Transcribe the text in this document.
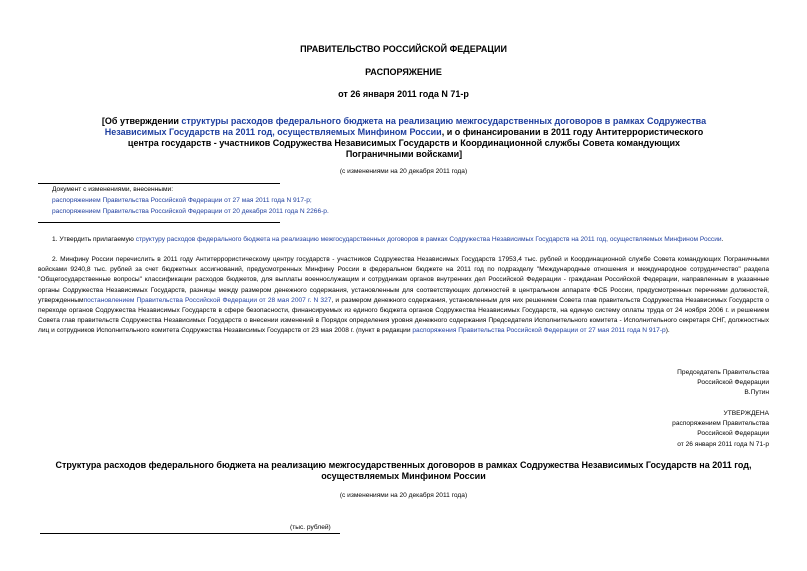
ПРАВИТЕЛЬСТВО РОССИЙСКОЙ ФЕДЕРАЦИИ
РАСПОРЯЖЕНИЕ
от 26 января 2011 года N 71-р
[Об утверждении структуры расходов федерального бюджета на реализацию межгосударственных договоров в рамках Содружества Независимых Государств на 2011 год, осуществляемых Минфином России, и о финансировании в 2011 году Антитеррористического центра государств - участников Содружества Независимых Государств и Координационной службы Совета командующих Пограничными войсками]
(с изменениями на 20 декабря 2011 года)
Документ с изменениями, внесенными:
распоряжением Правительства Российской Федерации от 27 мая 2011 года N 917-р;
распоряжением Правительства Российской Федерации от 20 декабря 2011 года N 2266-р.
1. Утвердить прилагаемую структуру расходов федерального бюджета на реализацию межгосударственных договоров в рамках Содружества Независимых Государств на 2011 год, осуществляемых Минфином России.
2. Минфину России перечислить в 2011 году Антитеррористическому центру государств - участников Содружества Независимых Государств 17953,4 тыс. рублей и Координационной службе Совета командующих Пограничными войсками 9240,8 тыс. рублей за счет бюджетных ассигнований, предусмотренных Минфину России в федеральном бюджете на 2011 год по подразделу "Международные отношения и международное сотрудничество" раздела "Общегосударственные вопросы" классификации расходов бюджетов, для выплаты военнослужащим и сотрудникам органов внутренних дел Российской Федерации - гражданам Российской Федерации, направленным в указанные органы Содружества Независимых Государств, разницы между размером денежного содержания, установленным для соответствующих должностей в центральном аппарате ФСБ России, предусмотренных перечнями должностей, утвержденнымпостановлением Правительства Российской Федерации от 28 мая 2007 г. N 327, и размером денежного содержания, установленным для них решением Совета глав правительств Содружества Независимых Государств о переходе органов Содружества Независимых Государств в сфере безопасности, финансируемых из единого бюджета органов Содружества Независимых Государств, на единую систему оплаты труда от 24 ноября 2006 г. и решением Совета глав правительств Содружества Независимых Государств о внесении изменений в Порядок определения уровня денежного содержания Председателя Исполнительного комитета - Исполнительного секретаря СНГ, должностных лиц и сотрудников Исполнительного комитета Содружества Независимых Государств от 23 мая 2008 г. (пункт в редакции распоряжения Правительства Российской Федерации от 27 мая 2011 года N 917-р).
Председатель Правительства
Российской Федерации
В.Путин
УТВЕРЖДЕНА
распоряжением Правительства
Российской Федерации
от 26 января 2011 года N 71-р
Структура расходов федерального бюджета на реализацию межгосударственных договоров в рамках Содружества Независимых Государств на 2011 год, осуществляемых Минфином России
(с изменениями на 20 декабря 2011 года)
(тыс. рублей)
